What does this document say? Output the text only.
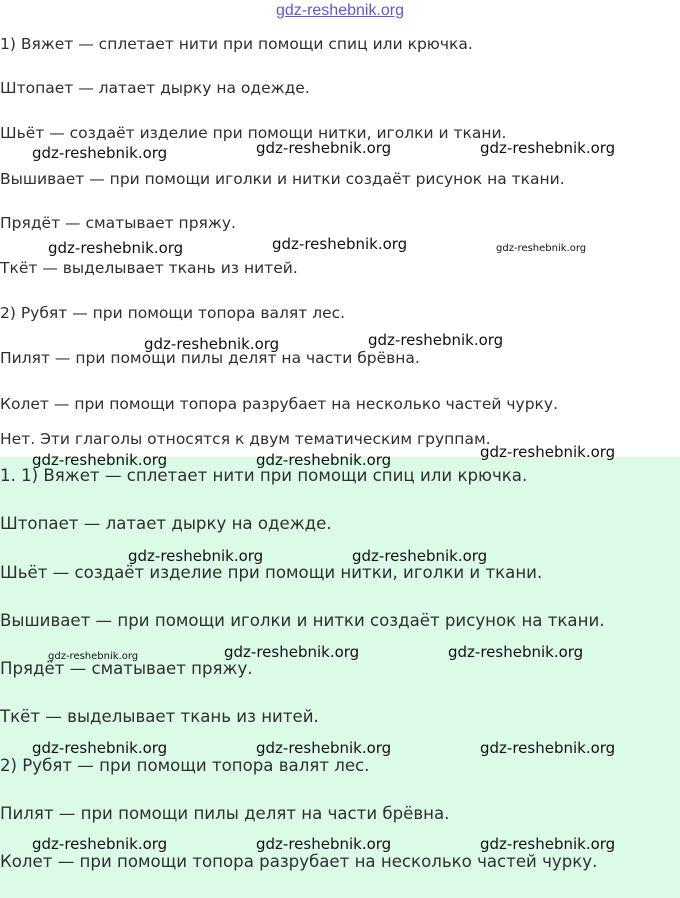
gdz-reshebnik.org
1) Вяжет — сплетает нити при помощи спиц или крючка.
Штопает — латает дырку на одежде.
Шьёт — создаёт изделие при помощи нитки, иголки и ткани.
Вышивает — при помощи иголки и нитки создаёт рисунок на ткани.
Прядёт — сматывает пряжу.
Ткёт — выделывает ткань из нитей.
2) Рубят — при помощи топора валят лес.
Пилят — при помощи пилы делят на части брёвна.
Колет — при помощи топора разрубает на несколько частей чурку.
Нет. Эти глаголы относятся к двум тематическим группам.
1. 1) Вяжет — сплетает нити при помощи спиц или крючка.
Штопает — латает дырку на одежде.
Шьёт — создаёт изделие при помощи нитки, иголки и ткани.
Вышивает — при помощи иголки и нитки создаёт рисунок на ткани.
Прядёт — сматывает пряжу.
Ткёт — выделывает ткань из нитей.
2) Рубят — при помощи топора валят лес.
Пилят — при помощи пилы делят на части брёвна.
Колет — при помощи топора разрубает на несколько частей чурку.
gdz-reshebnik.org	gdz-reshebnik.org	gdz-reshebnik.org
gdz-reshebnik.org	gdz-reshebnik.org	gdz-reshebnik.org
gdz-reshebnik.org	gdz-reshebnik.org
gdz-reshebnik.org	gdz-reshebnik.org	gdz-reshebnik.org
gdz-reshebnik.org	gdz-reshebnik.org
gdz-reshebnik.org	gdz-reshebnik.org	gdz-reshebnik.org
gdz-reshebnik.org	gdz-reshebnik.org	gdz-reshebnik.org
gdz-reshebnik.org	gdz-reshebnik.org	gdz-reshebnik.org
